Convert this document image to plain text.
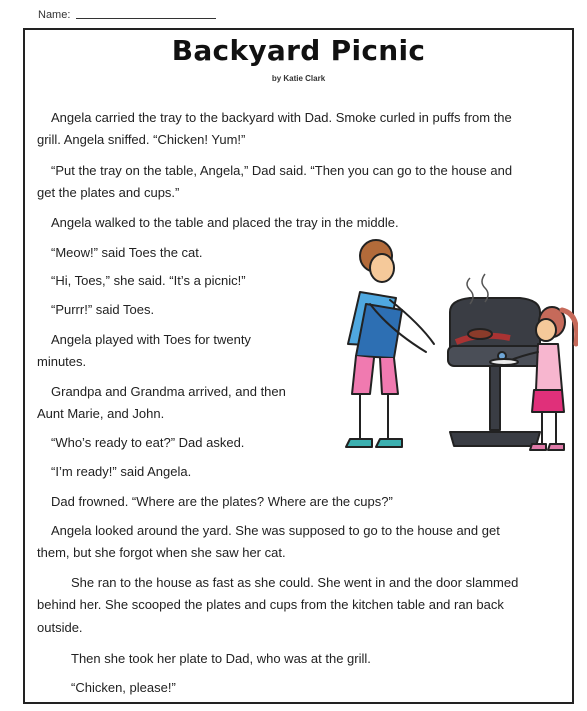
Name:
Backyard Picnic
by Katie Clark

Angela carried the tray to the backyard with Dad. Smoke curled in puffs from the

grill. Angela sniffed. “Chicken! Yum!”

“Put the tray on the table, Angela,” Dad said. “Then you can go to the house and

get the plates and cups.”

Angela walked to the table and placed the tray in the middle.

“Meow!” said Toes the cat.

“Hi, Toes,” she said. “It’s a picnic!”

“Purrr!” said Toes.

Angela played with Toes for twenty

minutes.

Grandpa and Grandma arrived, and then

Aunt Marie, and John.

“Who’s ready to eat?” Dad asked.

“I’m ready!” said Angela.

Dad frowned. “Where are the plates? Where are the cups?”

Angela looked around the yard. She was supposed to go to the house and get

them, but she forgot when she saw her cat.

She ran to the house as fast as she could. She went in and the door slammed

behind her. She scooped the plates and cups from the kitchen table and ran back

outside.

Then she took her plate to Dad, who was at the grill.

“Chicken, please!”
